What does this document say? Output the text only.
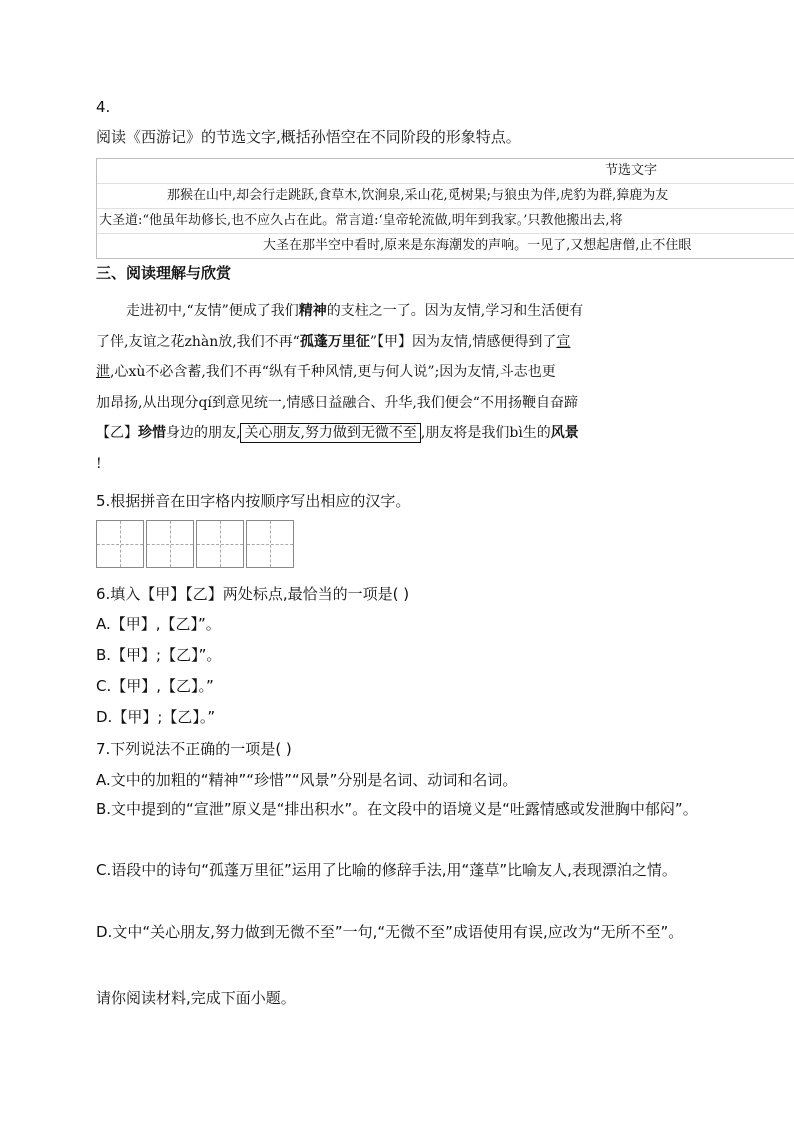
4.
阅读《西游记》的节选文字,概括孙悟空在不同阶段的形象特点。
节选文字
那猴在山中,却会行走跳跃,食草木,饮涧泉,采山花,觅树果;与狼虫为伴,虎豹为群,獐鹿为友
大圣道:“他虽年劫修长,也不应久占在此。常言道:‘皇帝轮流做,明年到我家。’只教他搬出去,将
大圣在那半空中看时,原来是东海潮发的声响。一见了,又想起唐僧,止不住眼
三、阅读理解与欣赏
走进初中,“友情”便成了我们精神的支柱之一了。因为友情,学习和生活便有
了伴,友谊之花zhàn放,我们不再“孤蓬万里征”【甲】因为友情,情感便得到了宣
泄,心xù不必含蓄,我们不再“纵有千种风情,更与何人说”;因为友情,斗志也更
加昂扬,从出现分qí到意见统一,情感日益融合、升华,我们便会“不用扬鞭自奋蹄
【乙】珍惜身边的朋友, 关心朋友,努力做到无微不至 ,朋友将是我们bì生的风景
!
5.根据拼音在田字格内按顺序写出相应的汉字。
6.填入【甲】【乙】两处标点,最恰当的一项是( )
A.【甲】,【乙】”。
B.【甲】;【乙】”。
C.【甲】,【乙】。”
D.【甲】;【乙】。”
7.下列说法不正确的一项是( )
A.文中的加粗的“精神”“珍惜”“风景”分别是名词、动词和名词。
B.文中提到的“宣泄”原义是“排出积水”。在文段中的语境义是“吐露情感或发泄胸中郁闷”。
C.语段中的诗句“孤蓬万里征”运用了比喻的修辞手法,用“蓬草”比喻友人,表现漂泊之情。
D.文中“关心朋友,努力做到无微不至”一句,“无微不至”成语使用有误,应改为“无所不至”。
请你阅读材料,完成下面小题。
